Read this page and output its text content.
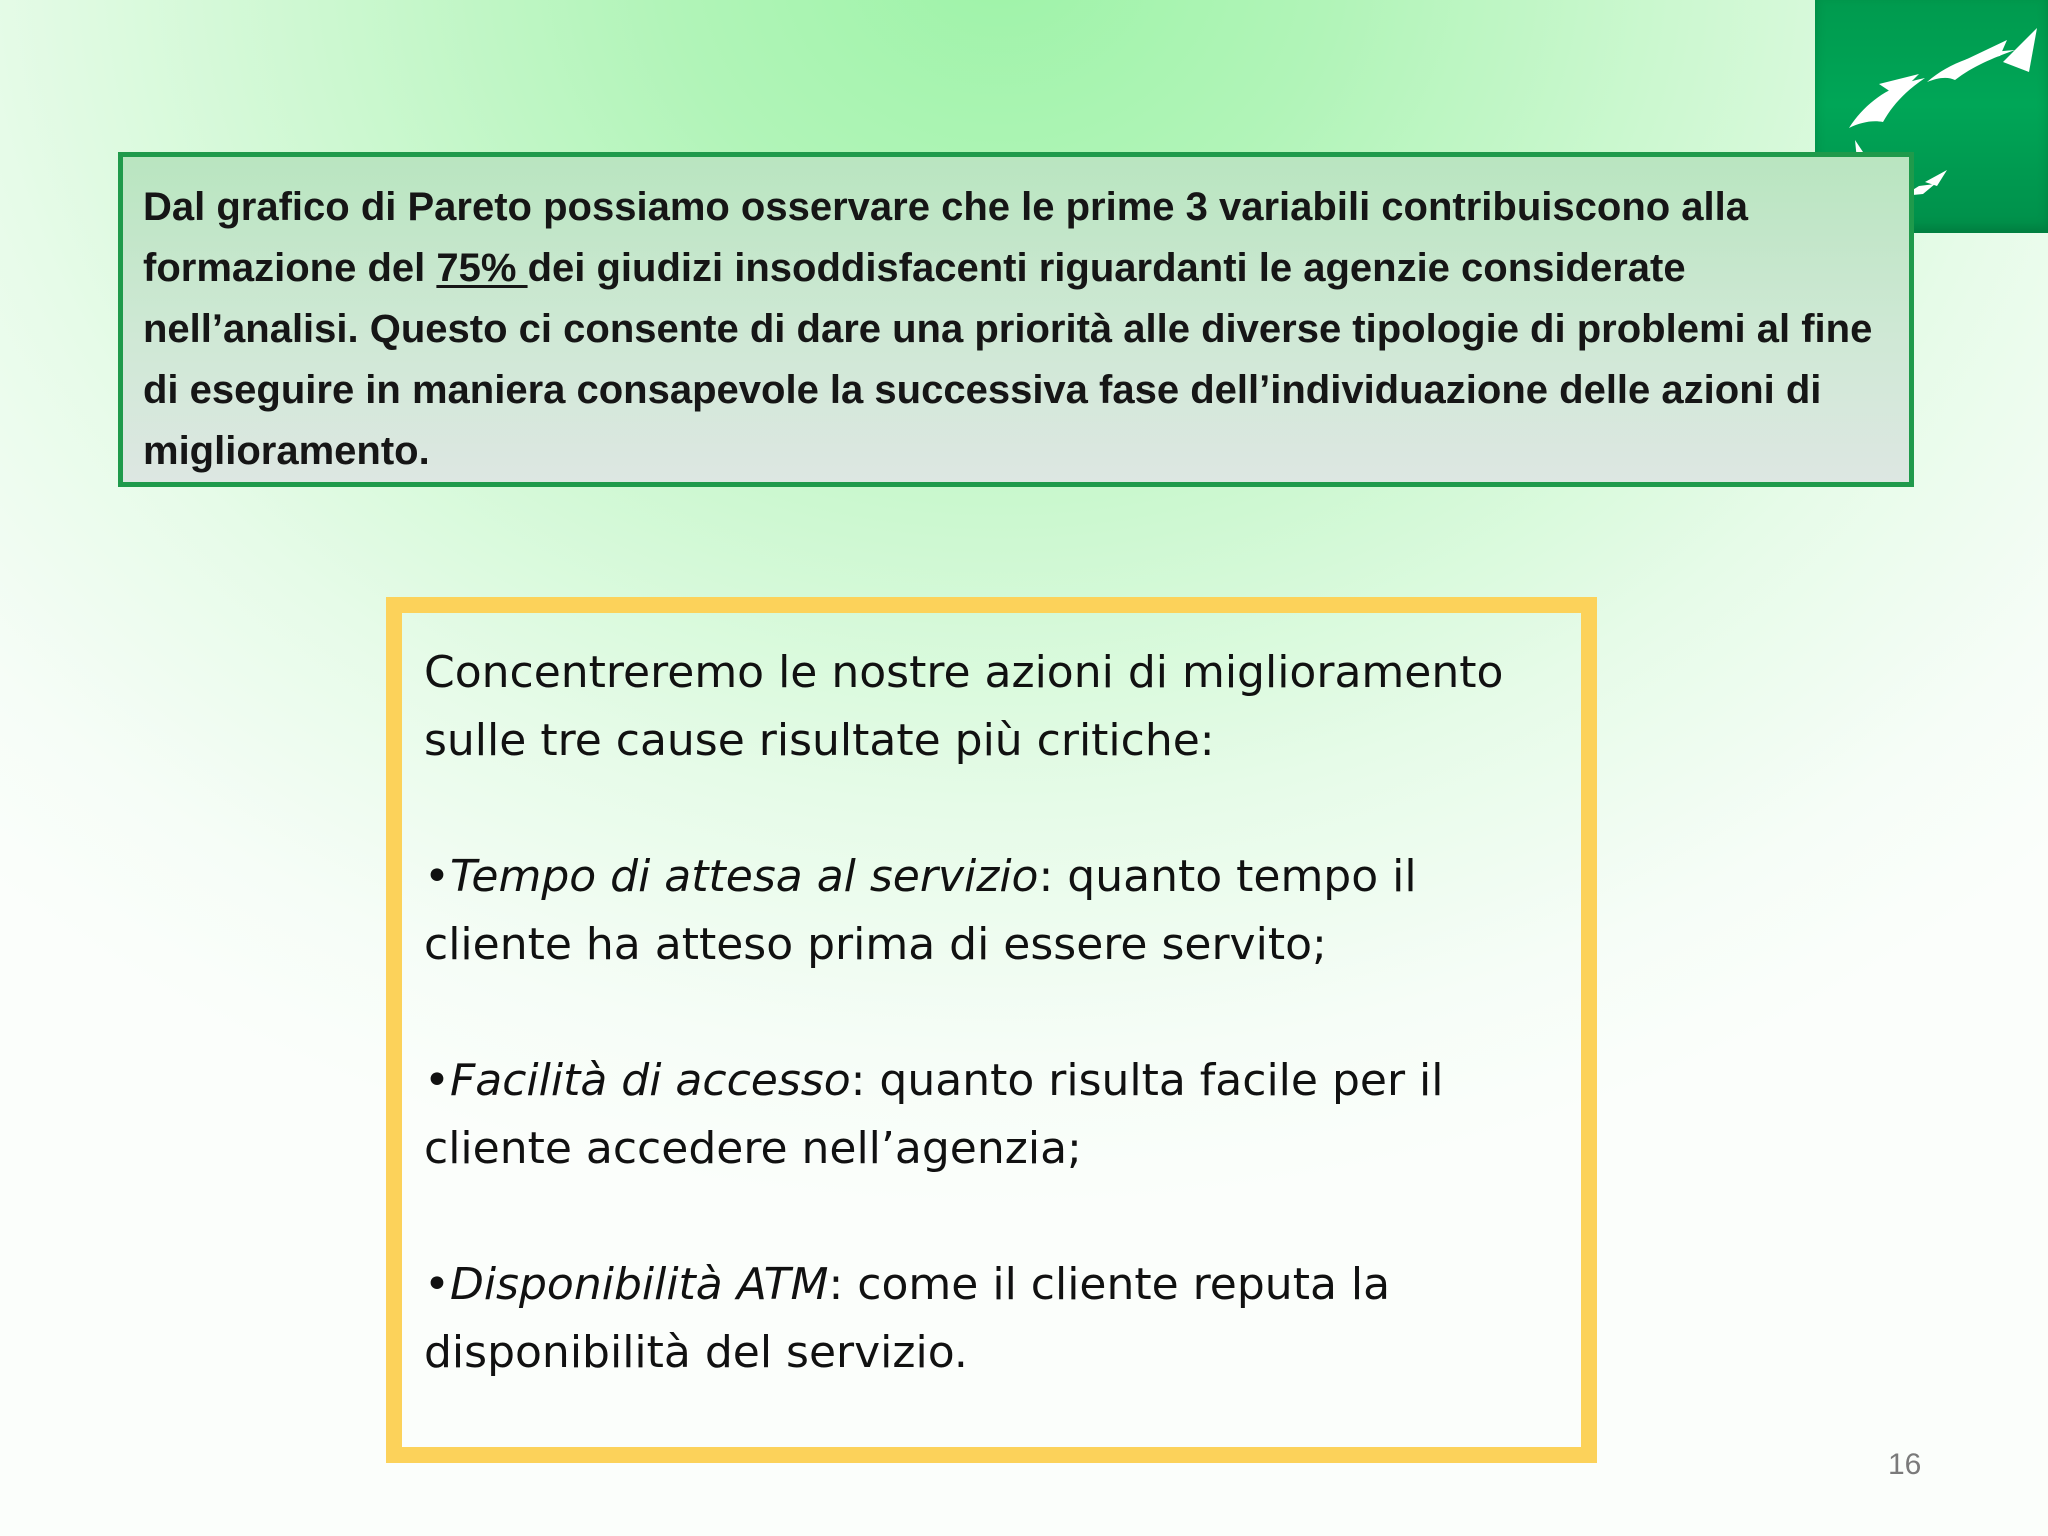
Dal grafico di Pareto possiamo osservare che le prime 3 variabili contribuiscono alla formazione del 75% dei giudizi insoddisfacenti riguardanti le agenzie considerate nell’analisi. Questo ci consente di dare una priorità alle diverse tipologie di problemi al fine di eseguire in maniera consapevole la successiva fase dell’individuazione delle azioni di miglioramento.

Concentreremo le nostre azioni di miglioramento sulle tre cause risultate più critiche:

•Tempo di attesa al servizio: quanto tempo il cliente ha atteso prima di essere servito;

•Facilità di accesso: quanto risulta facile per il cliente accedere nell’agenzia;

•Disponibilità ATM: come il cliente reputa la disponibilità del servizio.

16
